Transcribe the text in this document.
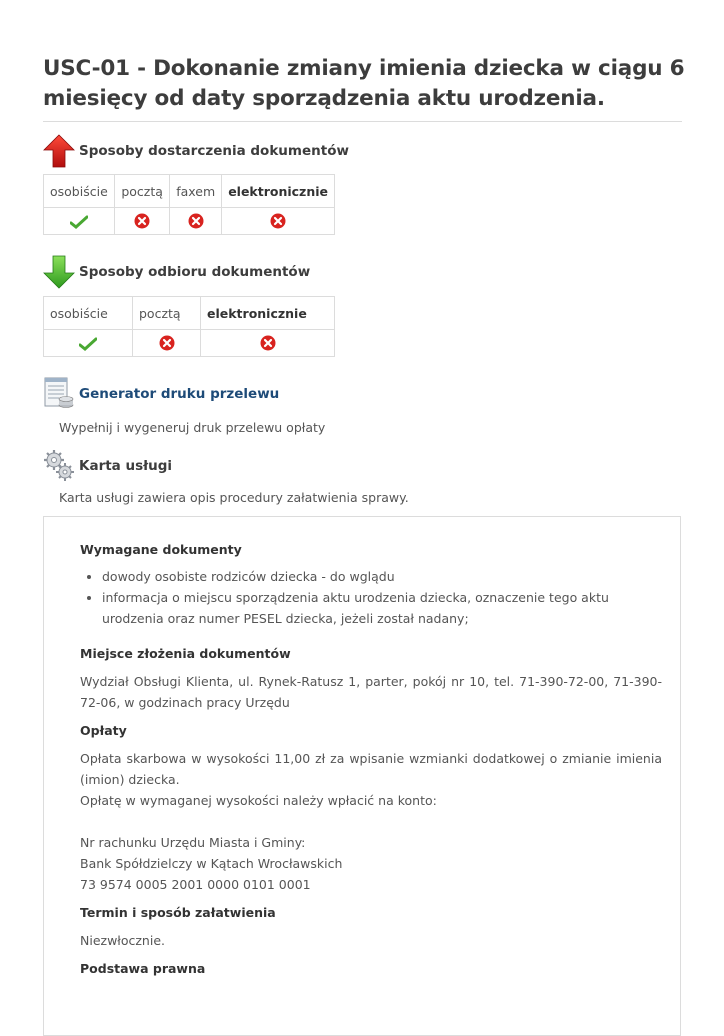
USC-01 - Dokonanie zmiany imienia dziecka w ciągu 6 miesięcy od daty sporządzenia aktu urodzenia.
Sposoby dostarczenia dokumentów
osobiście	pocztą	faxem	elektronicznie

Sposoby odbioru dokumentów
osobiście	pocztą	elektronicznie

Generator druku przelewu
Wypełnij i wygeneruj druk przelewu opłaty
Karta usługi
Karta usługi zawiera opis procedury załatwienia sprawy.
Wymagane dokumenty
• dowody osobiste rodziców dziecka - do wglądu
• informacja o miejscu sporządzenia aktu urodzenia dziecka, oznaczenie tego aktu urodzenia oraz numer PESEL dziecka, jeżeli został nadany;
Miejsce złożenia dokumentów

Wydział Obsługi Klienta, ul. Rynek-Ratusz 1, parter, pokój nr 10, tel. 71-390-72-00, 71-390-72-06, w godzinach pracy Urzędu

Opłaty

Opłata skarbowa w wysokości 11,00 zł za wpisanie wzmianki dodatkowej o zmianie imienia (imion) dziecka.

Opłatę w wymaganej wysokości należy wpłacić na konto:

Nr rachunku Urzędu Miasta i Gminy:

Bank Spółdzielczy w Kątach Wrocławskich

73 9574 0005 2001 0000 0101 0001

Termin i sposób załatwienia

Niezwłocznie.

Podstawa prawna
